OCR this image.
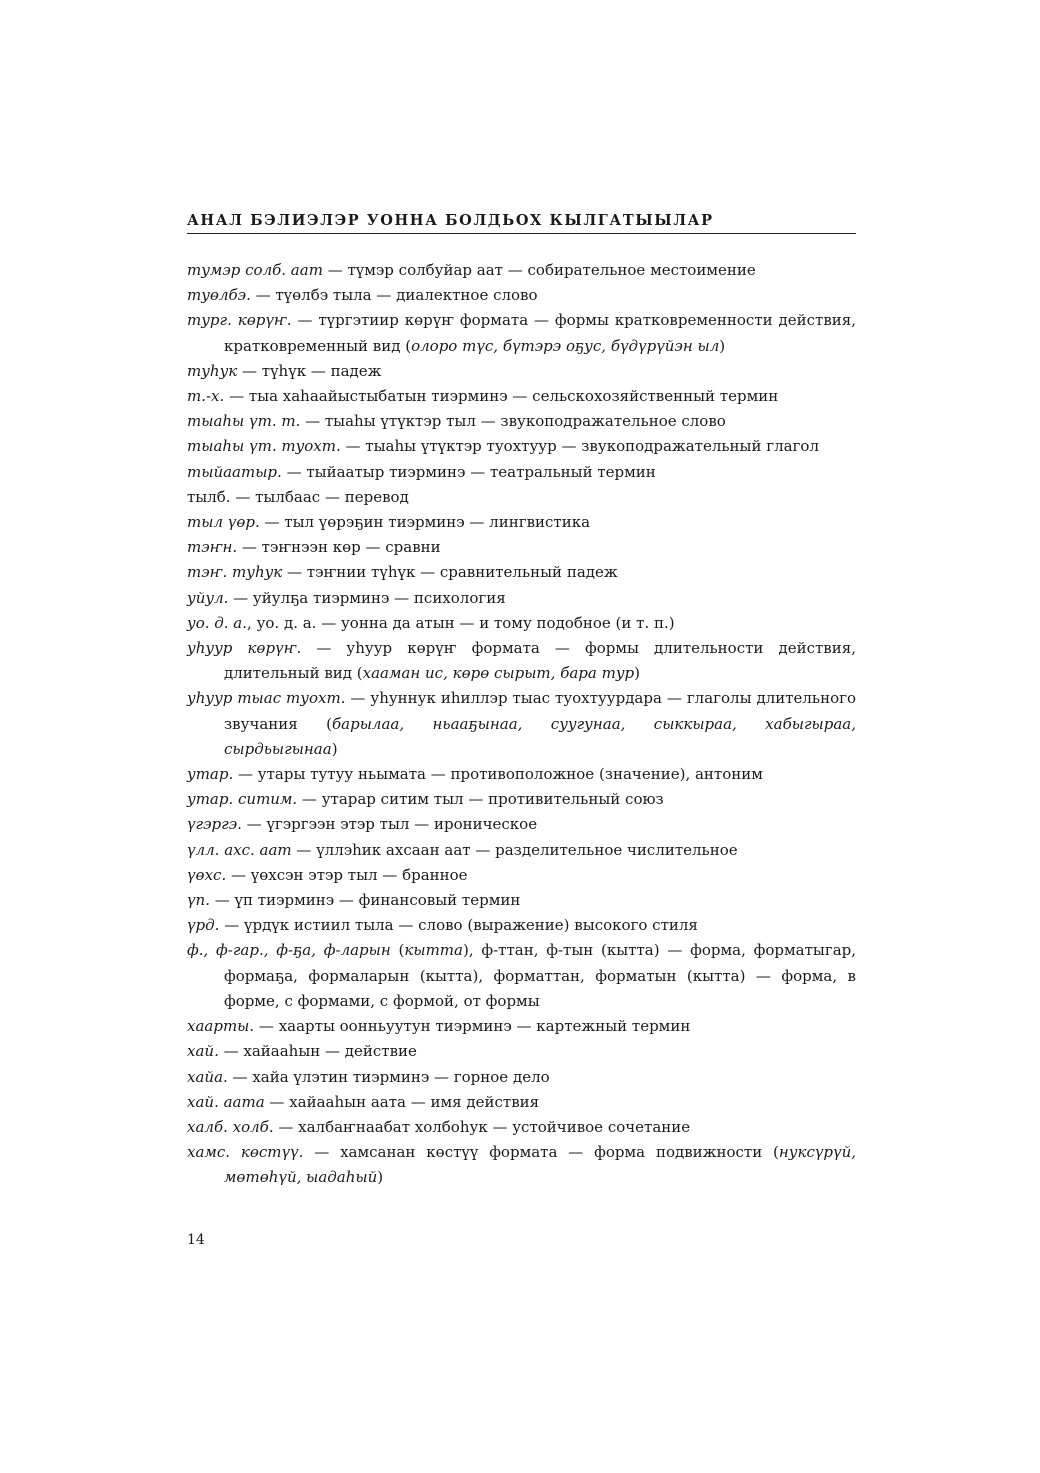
АНАЛ БЭЛИЭЛЭР УОННА БОЛДЬОХ КЫЛГАТЫЫЛАР

тумэр солб. аат — түмэр солбуйар аат — собирательное местоимение

туөлбэ. — түөлбэ тыла — диалектное слово

тург. көрүҥ. — түргэтиир көрүҥ формата — формы кратковременности действия, кратковременный вид (олоро түс, бүтэрэ оҕус, бүдүрүйэн ыл)

туһук — түһүк — падеж

т.-х. — тыа хаһаайыстыбатын тиэрминэ — сельскохозяйственный термин

тыаһы үт. т. — тыаһы үтүктэр тыл — звукоподражательное слово

тыаһы үт. туохт. — тыаһы үтүктэр туохтуур — звукоподражательный глагол

тыйаатыр. — тыйаатыр тиэрминэ — театральный термин

тылб. — тылбаас — перевод

тыл үөр. — тыл үөрэҕин тиэрминэ — лингвистика

тэҥн. — тэҥнээн көр — сравни

тэҥ. туһук — тэҥнии түһүк — сравнительный падеж

уйул. — уйулҕа тиэрминэ — психология

уо. д. а., уо. д. а. — уонна да атын — и тому подобное (и т. п.)

уһуур көрүҥ. — уһуур көрүҥ формата — формы длительности действия, длительный вид (хааман ис, көрө сырыт, бара тур)

уһуур тыас туохт. — уһуннук иһиллэр тыас туохтуурдара — глаголы длительного звучания (барылаа, ньааҕынаа, суугунаа, сыккыраа, хабыгыраа, сырдьыгынаа)

утар. — утары тутуу ньымата — противоположное (значение), антоним

утар. ситим. — утарар ситим тыл — противительный союз

үгэргэ. — үгэргээн этэр тыл — ироническое

үлл. ахс. аат — үллэһик ахсаан аат — разделительное числительное

үөхс. — үөхсэн этэр тыл — бранное

үп. — үп тиэрминэ — финансовый термин

үрд. — үрдүк истиил тыла — слово (выражение) высокого стиля

ф., ф-гар., ф-ҕа, ф-ларын (кытта), ф-ттан, ф-тын (кытта) — форма, форматыгар, формаҕа, формаларын (кытта), форматтан, форматын (кытта) — форма, в форме, с формами, с формой, от формы

хаарты. — хаарты оонньуутун тиэрминэ — картежный термин

хай. — хайааһын — действие

хайа. — хайа үлэтин тиэрминэ — горное дело

хай. аата — хайааһын аата — имя действия

халб. холб. — халбаҥнаабат холбоһук — устойчивое сочетание

хамс. көстүү. — хамсанан көстүү формата — форма подвижности (нуксүрүй, мөтөһүй, ыадаһый)

14
